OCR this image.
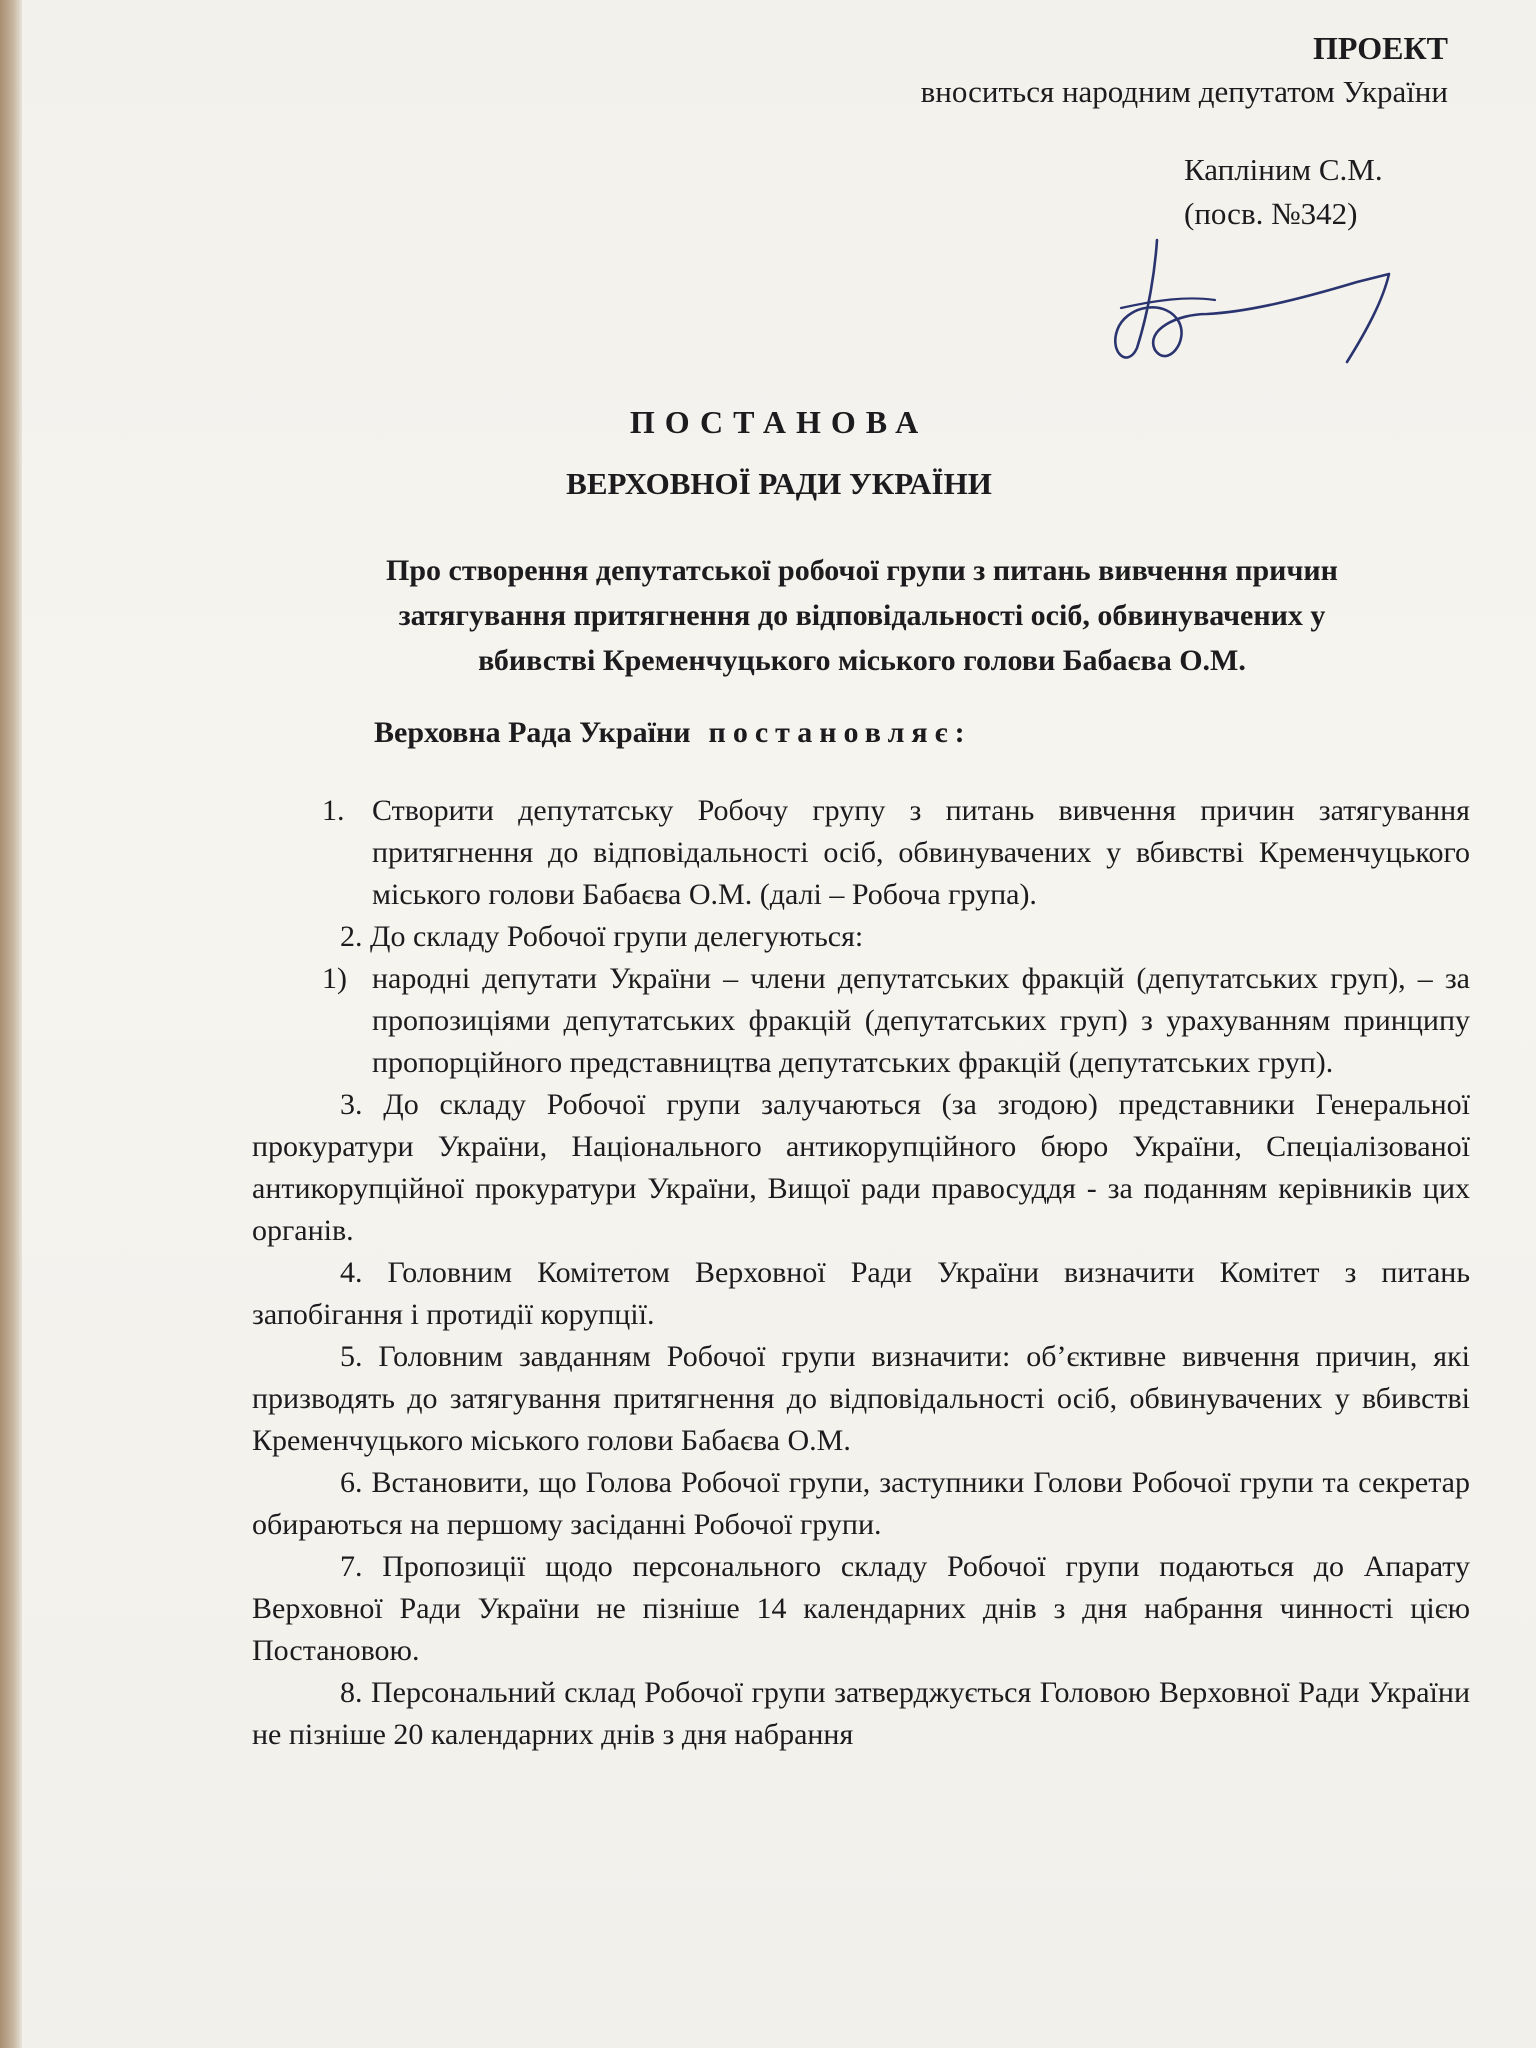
ПРОЕКТ
вноситься народним депутатом України
Капліним С.М.
(посв. №342)
ПОСТАНОВА
ВЕРХОВНОЇ РАДИ УКРАЇНИ
Про створення депутатської робочої групи з питань вивчення причин
затягування притягнення до відповідальності осіб, обвинувачених у
вбивстві Кременчуцького міського голови Бабаєва О.М.
Верховна Рада України постановляє:
1. Створити депутатську Робочу групу з питань вивчення причин затягування притягнення до відповідальності осіб, обвинувачених у вбивстві Кременчуцького міського голови Бабаєва О.М. (далі – Робоча група).

2. До складу Робочої групи делегуються:

1) народні депутати України – члени депутатських фракцій (депутатських груп), – за пропозиціями депутатських фракцій (депутатських груп) з урахуванням принципу пропорційного представництва депутатських фракцій (депутатських груп).

3. До складу Робочої групи залучаються (за згодою) представники Генеральної прокуратури України, Національного антикорупційного бюро України, Спеціалізованої антикорупційної прокуратури України, Вищої ради правосуддя - за поданням керівників цих органів.

4. Головним Комітетом Верховної Ради України визначити Комітет з питань запобігання і протидії корупції.

5. Головним завданням Робочої групи визначити: об’єктивне вивчення причин, які призводять до затягування притягнення до відповідальності осіб, обвинувачених у вбивстві Кременчуцького міського голови Бабаєва О.М.

6. Встановити, що Голова Робочої групи, заступники Голови Робочої групи та секретар обираються на першому засіданні Робочої групи.

7. Пропозиції щодо персонального складу Робочої групи подаються до Апарату Верховної Ради України не пізніше 14 календарних днів з дня набрання чинності цією Постановою.

8. Персональний склад Робочої групи затверджується Головою Верховної Ради України не пізніше 20 календарних днів з дня набрання
